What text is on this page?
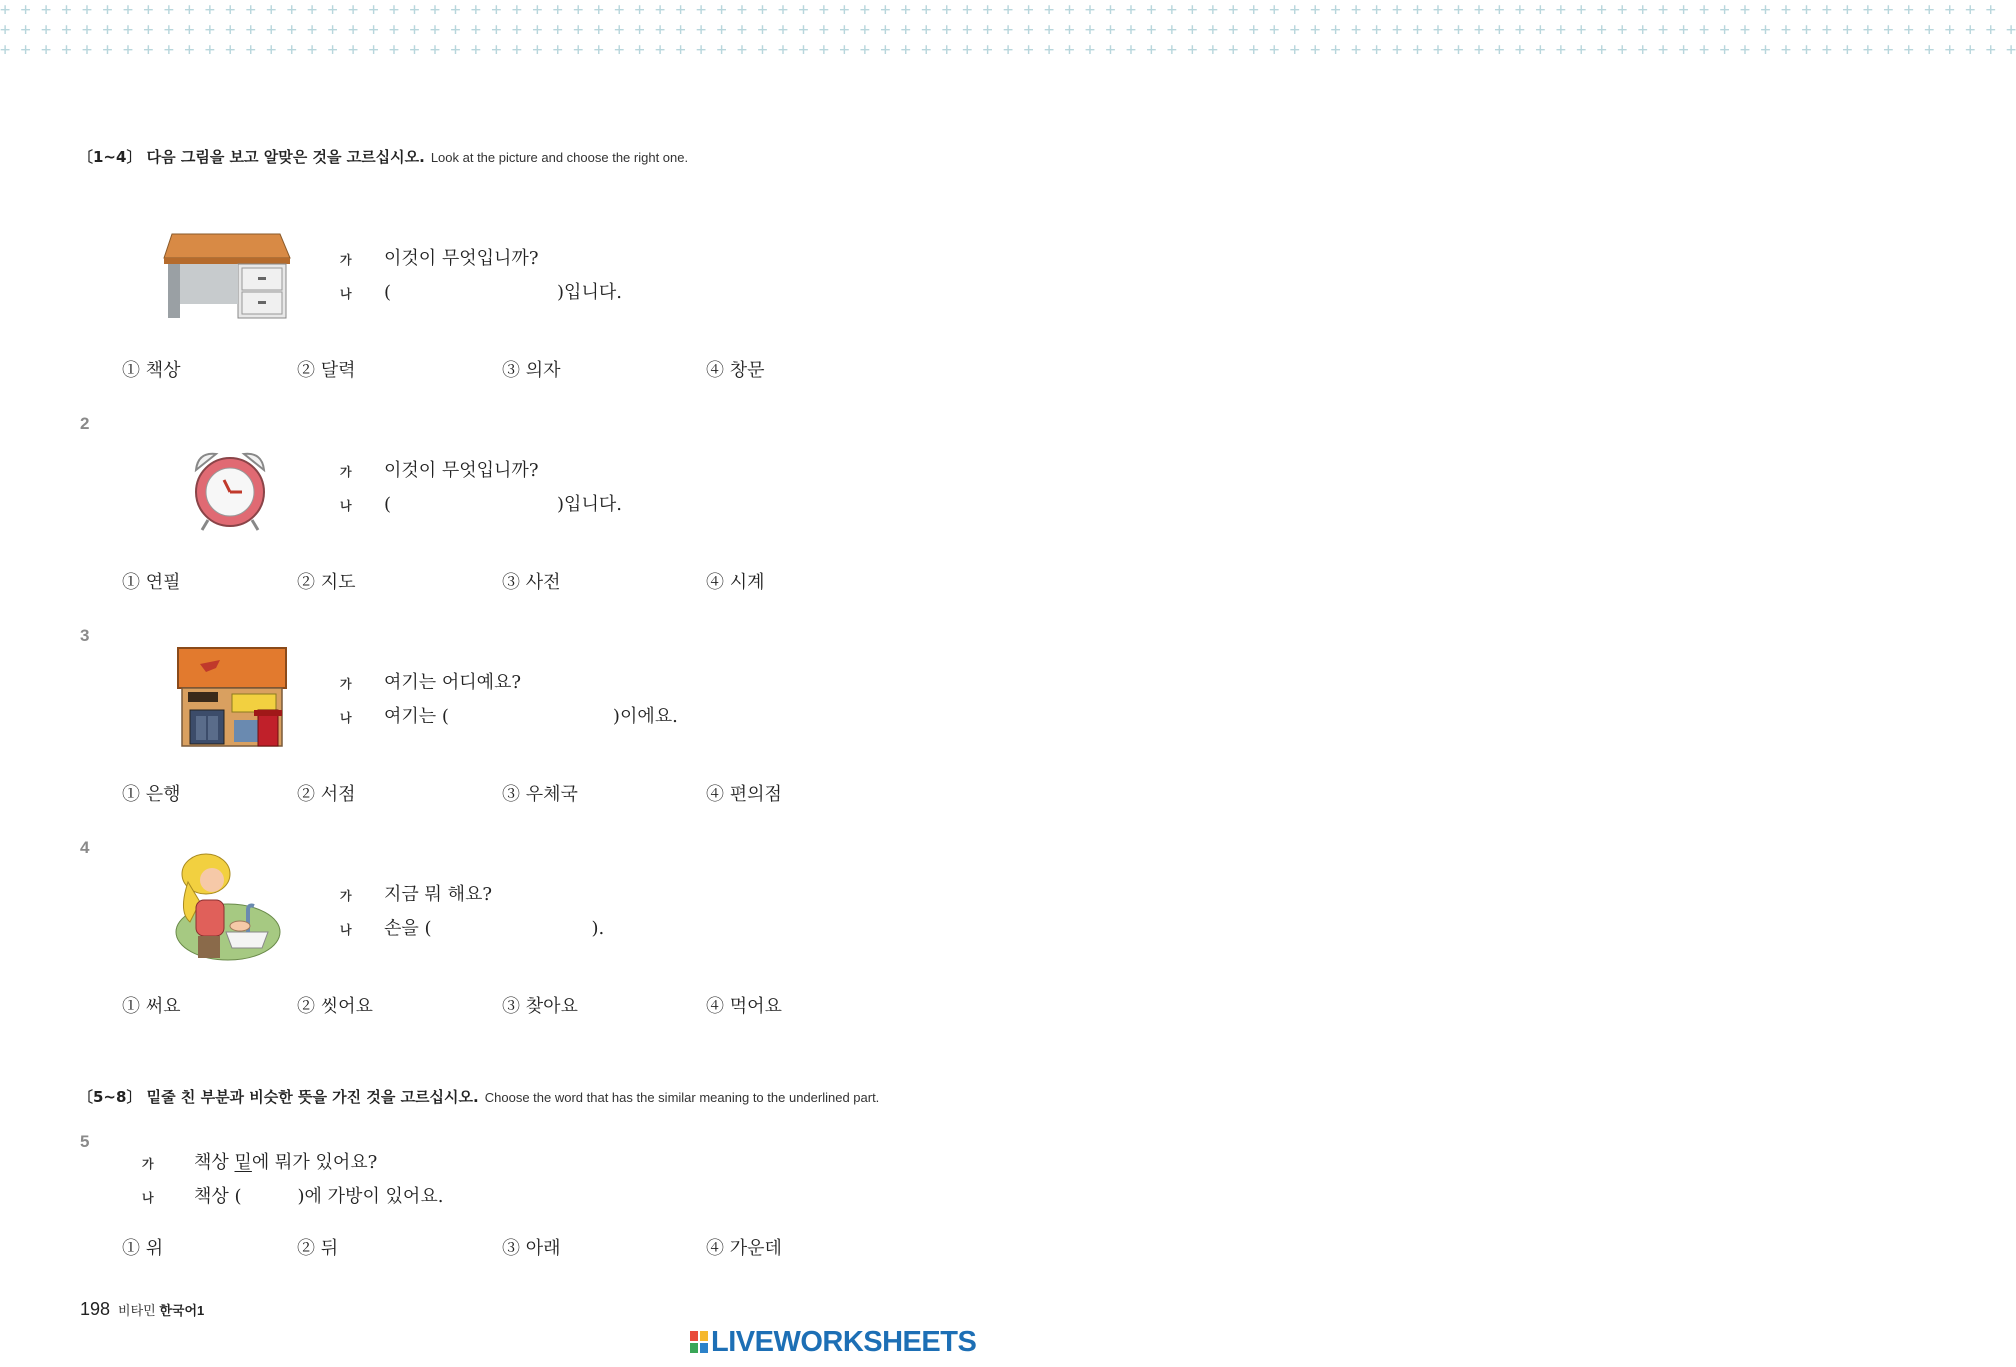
+ + + + + + + + + + + + + + + + + + + + + + + + + + + + + + + + + + + + + + + + + + + + + + + + + + + + + + + + + + + + + + + + + + + + + + + + + + + + + + + + + + + + + + + + + + + + + + + + + +
+ + + + + + + + + + + + + + + + + + + + + + + + + + + + + + + + + + + + + + + + + + + + + + + + + + + + + + + + + + + + + + + + + + + + + + + + + + + + + + + + + + + + + + + + + + + + + + + + + + +
+ + + + + + + + + + + + + + + + + + + + + + + + + + + + + + + + + + + + + + + + + + + + + + + + + + + + + + + + + + + + + + + + + + + + + + + + + + + + + + + + + + + + + + + + + + + + + + + + + + +
〔1~4〕 다음 그림을 보고 알맞은 것을 고르십시오. Look at the picture and choose the right one.
가 이것이 무엇입니까?
나 (	)입니다.
① 책상	② 달력	③ 의자	④ 창문
2
가 이것이 무엇입니까?
나 (	)입니다.
① 연필	② 지도	③ 사전	④ 시계
3
가 여기는 어디예요?
나 여기는 (	)이에요.
① 은행	② 서점	③ 우체국	④ 편의점
4
가 지금 뭐 해요?
나 손을 (	).
① 써요	② 씻어요	③ 찾아요	④ 먹어요
〔5~8〕 밑줄 친 부분과 비슷한 뜻을 가진 것을 고르십시오. Choose the word that has the similar meaning to the underlined part.
5
가 책상 밑에 뭐가 있어요?
나 책상 (	)에 가방이 있어요.
① 위	② 뒤	③ 아래	④ 가운데
198 비타민 한국어1
LIVEWORKSHEETS
